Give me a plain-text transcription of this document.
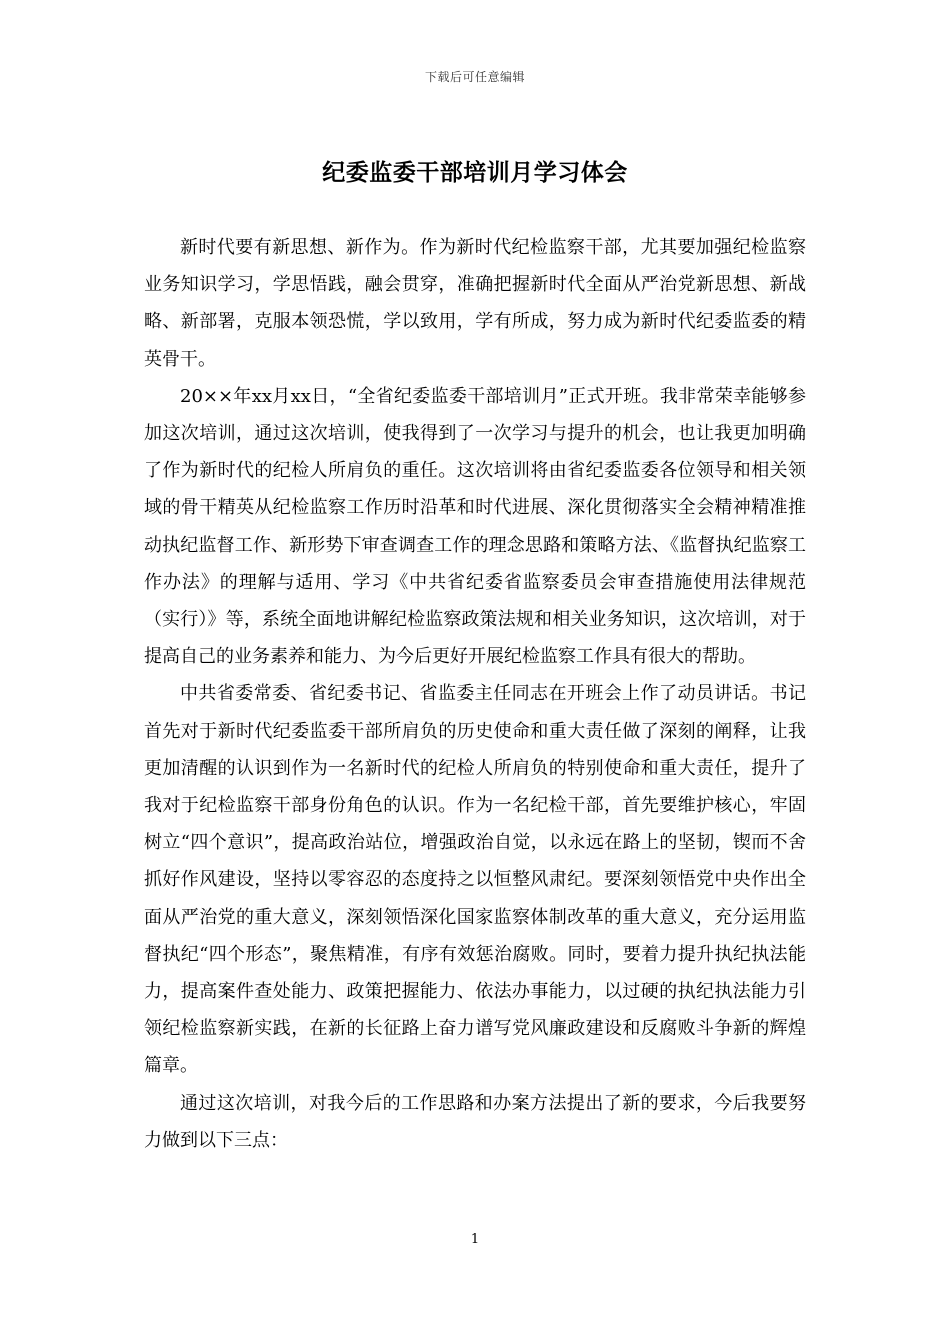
下载后可任意编辑
纪委监委干部培训月学习体会

新时代要有新思想、新作为。作为新时代纪检监察干部，尤其要加强纪检监察业务知识学习，学思悟践，融会贯穿，准确把握新时代全面从严治党新思想、新战略、新部署，克服本领恐慌，学以致用，学有所成，努力成为新时代纪委监委的精英骨干。

20××年xx月xx日，“全省纪委监委干部培训月”正式开班。我非常荣幸能够参加这次培训，通过这次培训，使我得到了一次学习与提升的机会，也让我更加明确了作为新时代的纪检人所肩负的重任。这次培训将由省纪委监委各位领导和相关领域的骨干精英从纪检监察工作历时沿革和时代进展、深化贯彻落实全会精神精准推动执纪监督工作、新形势下审查调查工作的理念思路和策略方法、《监督执纪监察工作办法》的理解与适用、学习《中共省纪委省监察委员会审查措施使用法律规范（实行）》等，系统全面地讲解纪检监察政策法规和相关业务知识，这次培训，对于提高自己的业务素养和能力、为今后更好开展纪检监察工作具有很大的帮助。

中共省委常委、省纪委书记、省监委主任同志在开班会上作了动员讲话。书记首先对于新时代纪委监委干部所肩负的历史使命和重大责任做了深刻的阐释，让我更加清醒的认识到作为一名新时代的纪检人所肩负的特别使命和重大责任，提升了我对于纪检监察干部身份角色的认识。作为一名纪检干部，首先要维护核心，牢固树立“四个意识”，提高政治站位，增强政治自觉，以永远在路上的坚韧，锲而不舍抓好作风建设，坚持以零容忍的态度持之以恒整风肃纪。要深刻领悟党中央作出全面从严治党的重大意义，深刻领悟深化国家监察体制改革的重大意义，充分运用监督执纪“四个形态”，聚焦精准，有序有效惩治腐败。同时，要着力提升执纪执法能力，提高案件查处能力、政策把握能力、依法办事能力，以过硬的执纪执法能力引领纪检监察新实践，在新的长征路上奋力谱写党风廉政建设和反腐败斗争新的辉煌篇章。

通过这次培训，对我今后的工作思路和办案方法提出了新的要求，今后我要努力做到以下三点：

1
